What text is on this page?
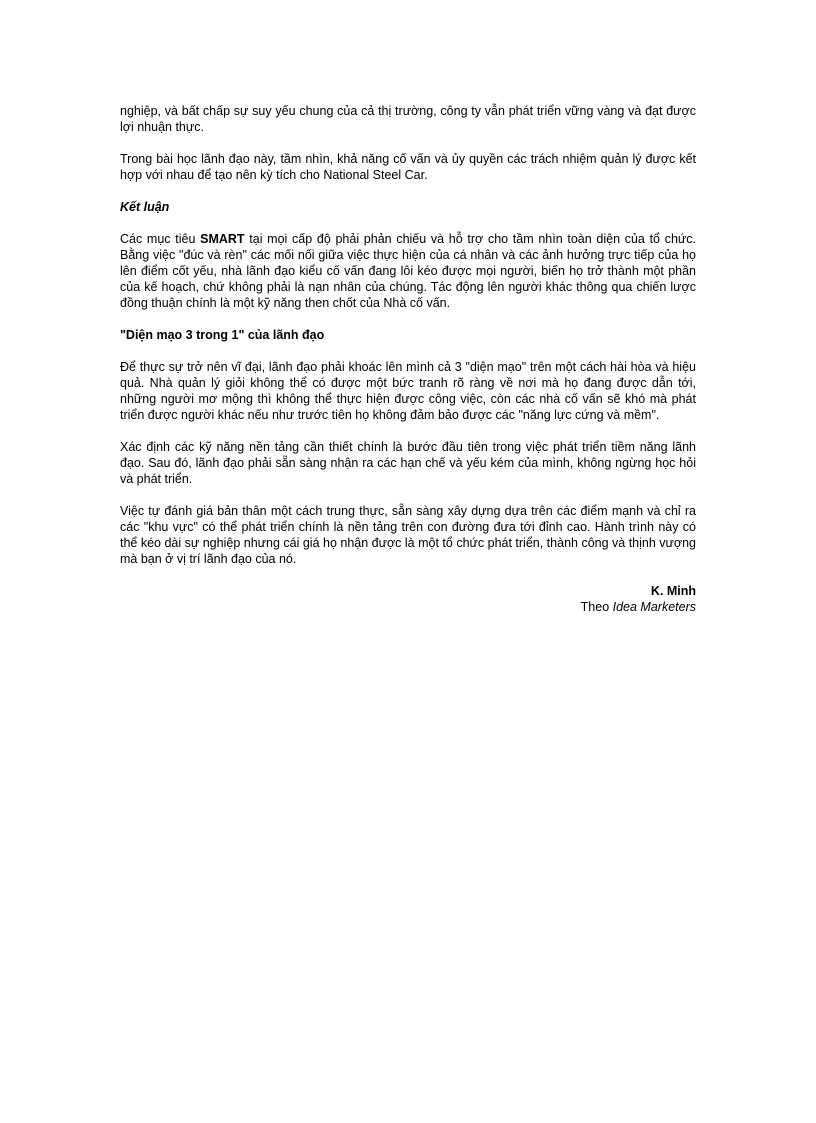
nghiệp, và bất chấp sự suy yếu chung của cả thị trường, công ty vẫn phát triển vững vàng và đạt được lợi nhuận thực.

Trong bài học lãnh đạo này, tầm nhìn, khả năng cố vấn và ủy quyền các trách nhiệm quản lý được kết hợp với nhau để tạo nên kỳ tích cho National Steel Car.

Kết luận

Các mục tiêu SMART tại mọi cấp độ phải phản chiếu và hỗ trợ cho tầm nhìn toàn diện của tổ chức. Bằng việc "đúc và rèn" các mối nối giữa việc thực hiện của cá nhân và các ảnh hưởng trực tiếp của họ lên điểm cốt yếu, nhà lãnh đạo kiểu cố vấn đang lôi kéo được mọi người, biến họ trở thành một phần của kế hoạch, chứ không phải là nạn nhân của chúng. Tác động lên người khác thông qua chiến lược đồng thuận chính là một kỹ năng then chốt của Nhà cố vấn.

"Diện mạo 3 trong 1" của lãnh đạo

Để thực sự trở nên vĩ đại, lãnh đạo phải khoác lên mình cả 3 "diện mạo" trên một cách hài hòa và hiệu quả. Nhà quản lý giỏi không thể có được một bức tranh rõ ràng về nơi mà họ đang được dẫn tới, những người mơ mộng thì không thể thực hiện được công việc, còn các nhà cố vấn sẽ khó mà phát triển được người khác nếu như trước tiên họ không đảm bảo được các "năng lực cứng và mềm".

Xác định các kỹ năng nền tảng cần thiết chính là bước đầu tiên trong việc phát triển tiềm năng lãnh đạo. Sau đó, lãnh đạo phải sẵn sàng nhận ra các hạn chế và yếu kém của mình, không ngừng học hỏi và phát triển.

Việc tự đánh giá bản thân một cách trung thực, sẵn sàng xây dựng dựa trên các điểm mạnh và chỉ ra các "khu vực" có thể phát triển chính là nền tảng trên con đường đưa tới đỉnh cao. Hành trình này có thể kéo dài sự nghiệp nhưng cái giá họ nhận được là một tổ chức phát triển, thành công và thịnh vượng mà bạn ở vị trí lãnh đạo của nó.

K. Minh
Theo Idea Marketers
